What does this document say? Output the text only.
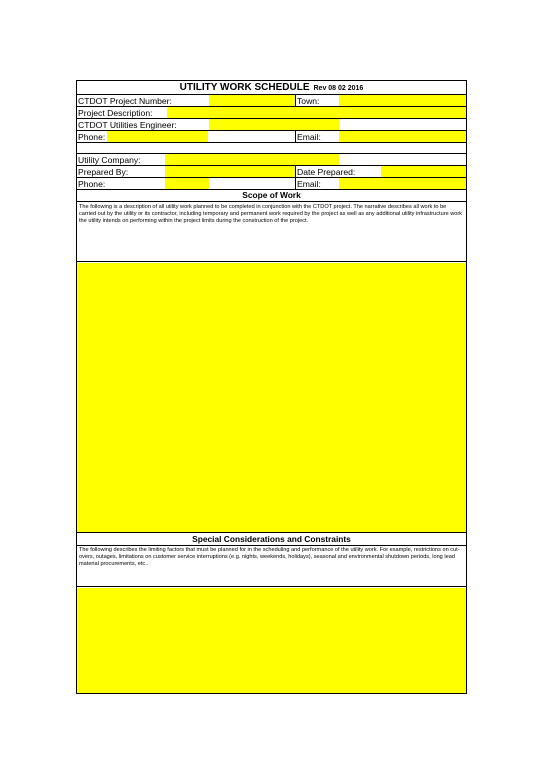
UTILITY WORK SCHEDULE Rev 08 02 2016
CTDOT Project Number:	Town:
Project Description:
CTDOT Utilities Engineer:
Phone:	Email:
Utility Company:
Prepared By:	Date Prepared:
Phone:	Email:
Scope of Work
The following is a description of all utility work planned to be completed in conjunction with the CTDOT project. The narrative describes all work to be carried out by the utility or its contractor, including temporary and permanent work required by the project as well as any additional utility infrastructure work the utility intends on performing within the project limits during the construction of the project.
Special Considerations and Constraints
The following describes the limiting factors that must be planned for in the scheduling and performance of the utility work. For example, restrictions on cut-overs, outages, limitations on customer service interruptions (e.g. nights, weekends, holidays), seasonal and environmental shutdown periods, long lead material procurements, etc..
